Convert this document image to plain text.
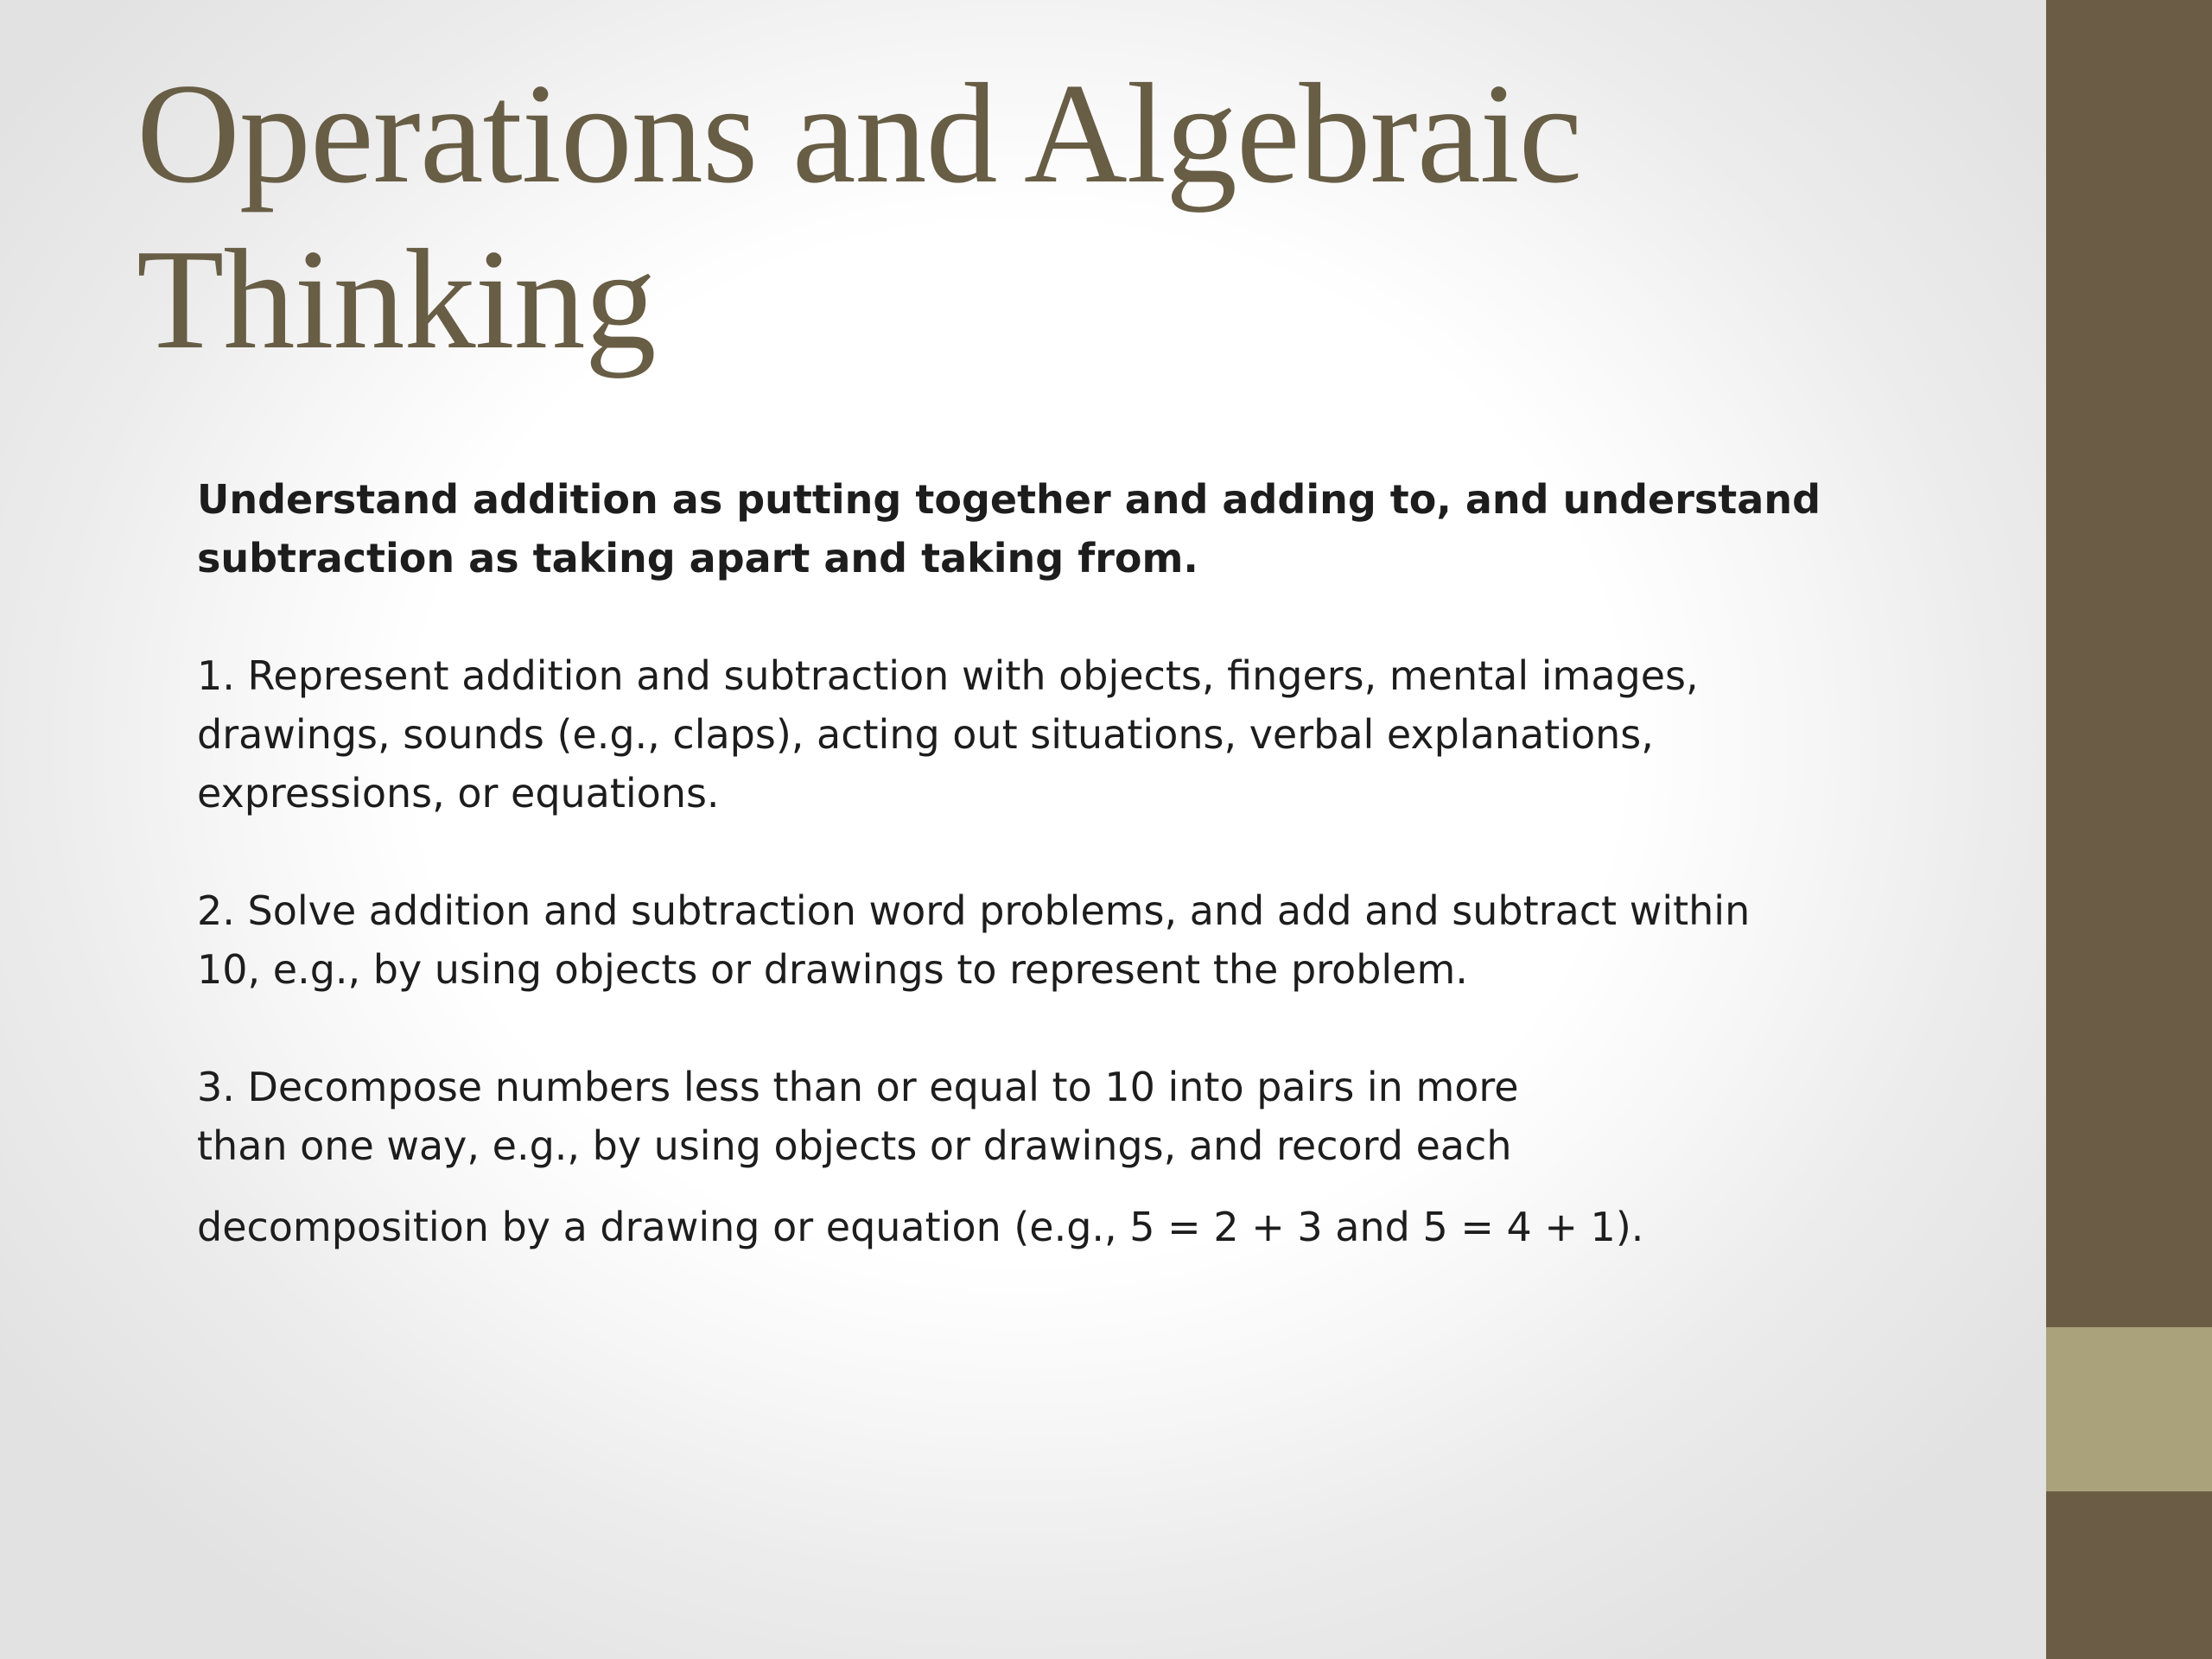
Operations and Algebraic
Thinking

Understand addition as putting together and adding to, and understand

subtraction as taking apart and taking from.

1. Represent addition and subtraction with objects, fingers, mental images,

drawings, sounds (e.g., claps), acting out situations, verbal explanations,

expressions, or equations.

2. Solve addition and subtraction word problems, and add and subtract within

10, e.g., by using objects or drawings to represent the problem.

3. Decompose numbers less than or equal to 10 into pairs in more

than one way, e.g., by using objects or drawings, and record each

decomposition by a drawing or equation (e.g., 5 = 2 + 3 and 5 = 4 + 1).
